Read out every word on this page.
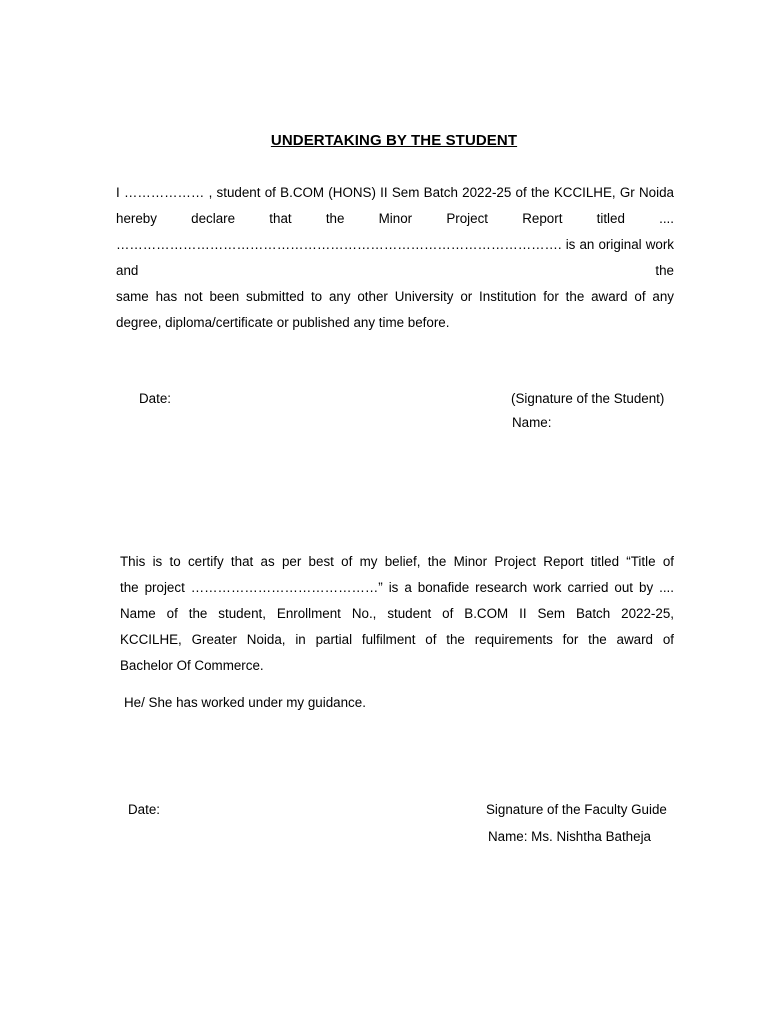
UNDERTAKING BY THE STUDENT
I ……………… , student of B.COM (HONS) II Sem Batch 2022-25 of the KCCILHE, Gr Noida
hereby declare that the Minor Project Report titled ....
………………………………………………………………………………………. is an original work and the
same has not been submitted to any other University or Institution for the award of any
degree, diploma/certificate or published any time before.
Date:	(Signature of the Student)
Name:
This is to certify that as per best of my belief, the Minor Project Report titled “Title of
the project ……………………………………” is a bonafide research work carried out by ....
Name of the student, Enrollment No., student of B.COM II Sem Batch 2022-25,
KCCILHE, Greater Noida, in partial fulfilment of the requirements for the award of
Bachelor Of Commerce.
He/ She has worked under my guidance.
Date:	Signature of the Faculty Guide
Name: Ms. Nishtha Batheja
